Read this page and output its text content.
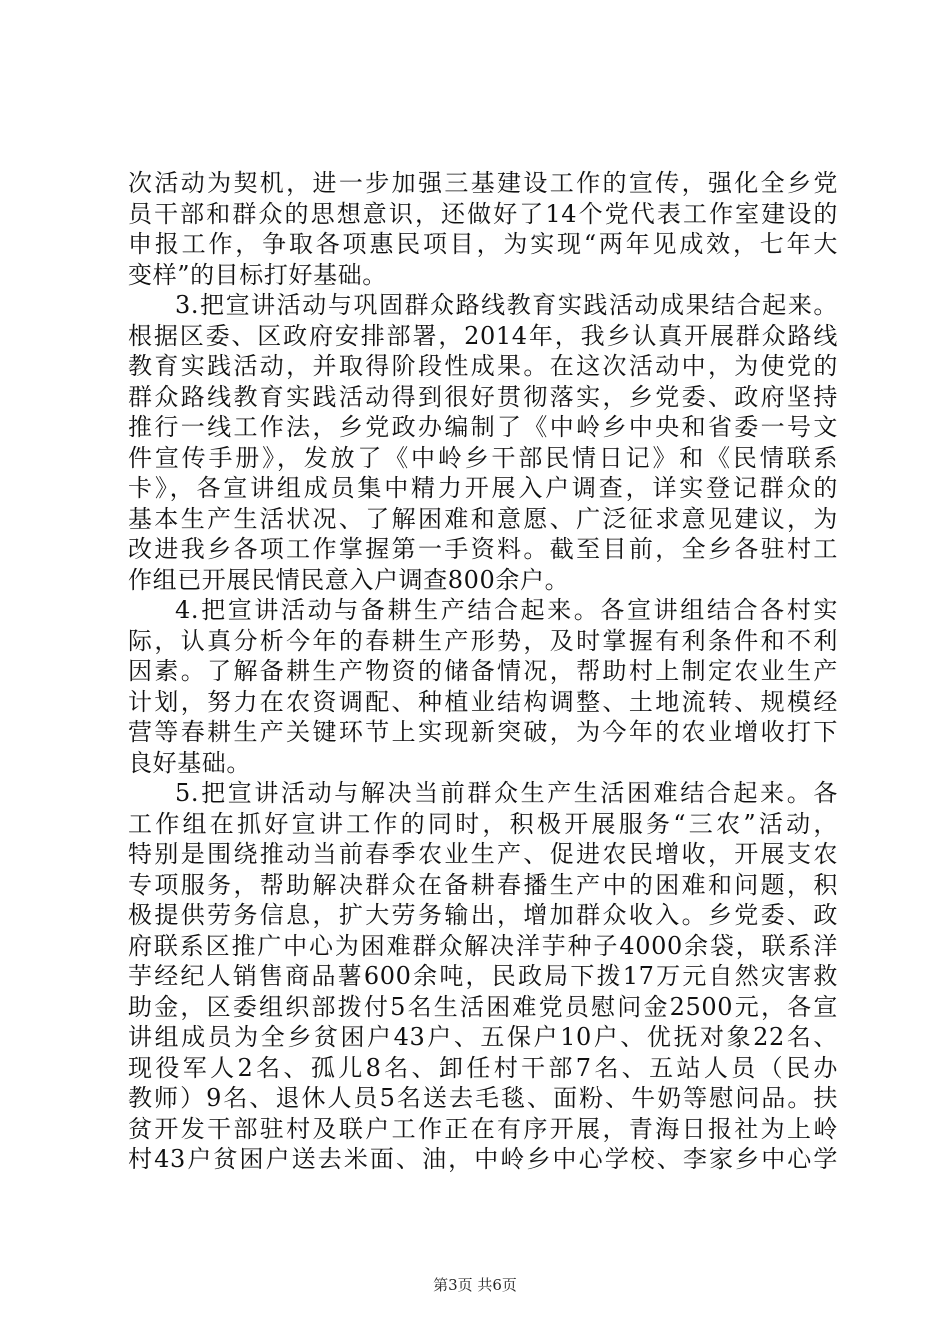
次活动为契机，进一步加强三基建设工作的宣传，强化全乡党
员干部和群众的思想意识，还做好了14个党代表工作室建设的
申报工作，争取各项惠民项目，为实现“两年见成效，七年大
变样”的目标打好基础。
3.把宣讲活动与巩固群众路线教育实践活动成果结合起来。
根据区委、区政府安排部署，2014年，我乡认真开展群众路线
教育实践活动，并取得阶段性成果。在这次活动中，为使党的
群众路线教育实践活动得到很好贯彻落实，乡党委、政府坚持
推行一线工作法，乡党政办编制了《中岭乡中央和省委一号文
件宣传手册》，发放了《中岭乡干部民情日记》和《民情联系
卡》，各宣讲组成员集中精力开展入户调查，详实登记群众的
基本生产生活状况、了解困难和意愿、广泛征求意见建议，为
改进我乡各项工作掌握第一手资料。截至目前，全乡各驻村工
作组已开展民情民意入户调查800余户。
4.把宣讲活动与备耕生产结合起来。各宣讲组结合各村实
际，认真分析今年的春耕生产形势，及时掌握有利条件和不利
因素。了解备耕生产物资的储备情况，帮助村上制定农业生产
计划，努力在农资调配、种植业结构调整、土地流转、规模经
营等春耕生产关键环节上实现新突破，为今年的农业增收打下
良好基础。
5.把宣讲活动与解决当前群众生产生活困难结合起来。各
工作组在抓好宣讲工作的同时，积极开展服务“三农”活动，
特别是围绕推动当前春季农业生产、促进农民增收，开展支农
专项服务，帮助解决群众在备耕春播生产中的困难和问题，积
极提供劳务信息，扩大劳务输出，增加群众收入。乡党委、政
府联系区推广中心为困难群众解决洋芋种子4000余袋，联系洋
芋经纪人销售商品薯600余吨，民政局下拨17万元自然灾害救
助金，区委组织部拨付5名生活困难党员慰问金2500元，各宣
讲组成员为全乡贫困户43户、五保户10户、优抚对象22名、
现役军人2名、孤儿8名、卸任村干部7名、五站人员（民办
教师）9名、退休人员5名送去毛毯、面粉、牛奶等慰问品。扶
贫开发干部驻村及联户工作正在有序开展，青海日报社为上岭
村43户贫困户送去米面、油，中岭乡中心学校、李家乡中心学
第3页 共6页
